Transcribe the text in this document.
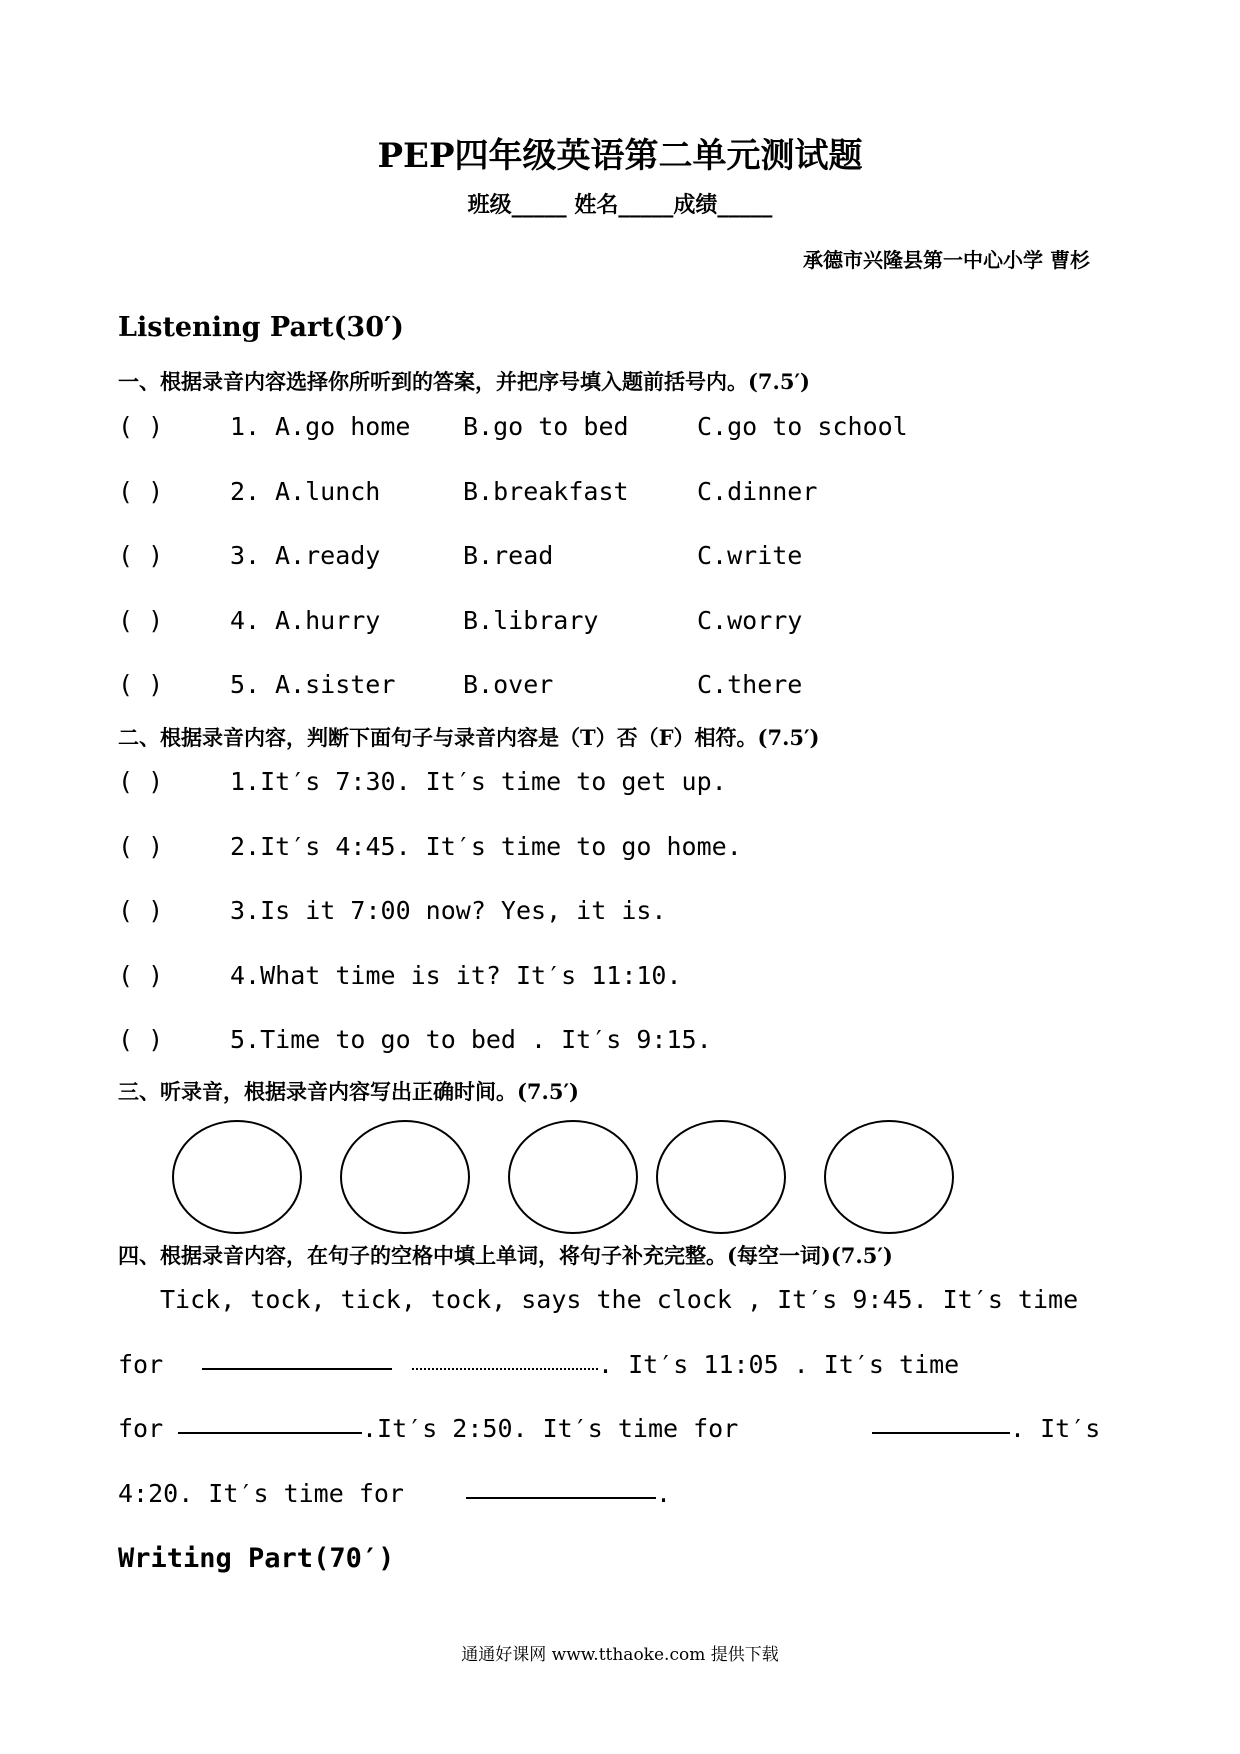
PEP四年级英语第二单元测试题
班级_____ 姓名_____成绩_____
承德市兴隆县第一中心小学 曹杉
Listening Part(30′)
一、根据录音内容选择你所听到的答案，并把序号填入题前括号内。(7.5′)
( )	1. A.go home B.go to bed	C.go to school
( )	2. A.lunch	B.breakfast	C.dinner
( )	3. A.ready	B.read	C.write
( )	4. A.hurry	B.library	C.worry
( )	5. A.sister	B.over	C.there
二、根据录音内容，判断下面句子与录音内容是（T）否（F）相符。(7.5′)
( )	1.It′s 7:30. It′s time to get up.
( )	2.It′s 4:45. It′s time to go home.
( )	3.Is it 7:00 now? Yes, it is.
( )	4.What time is it? It′s 11:10.
( )	5.Time to go to bed . It′s 9:15.
三、听录音，根据录音内容写出正确时间。(7.5′)
四、根据录音内容，在句子的空格中填上单词，将句子补充完整。(每空一词)(7.5′)
Tick, tock, tick, tock, says the clock , It′s 9:45. It′s time
for	. It′s 11:05 . It′s time
for	.It′s 2:50. It′s time for	. It′s
4:20. It′s time for	.
Writing Part(70′)
通通好课网 www.tthaoke.com 提供下载
